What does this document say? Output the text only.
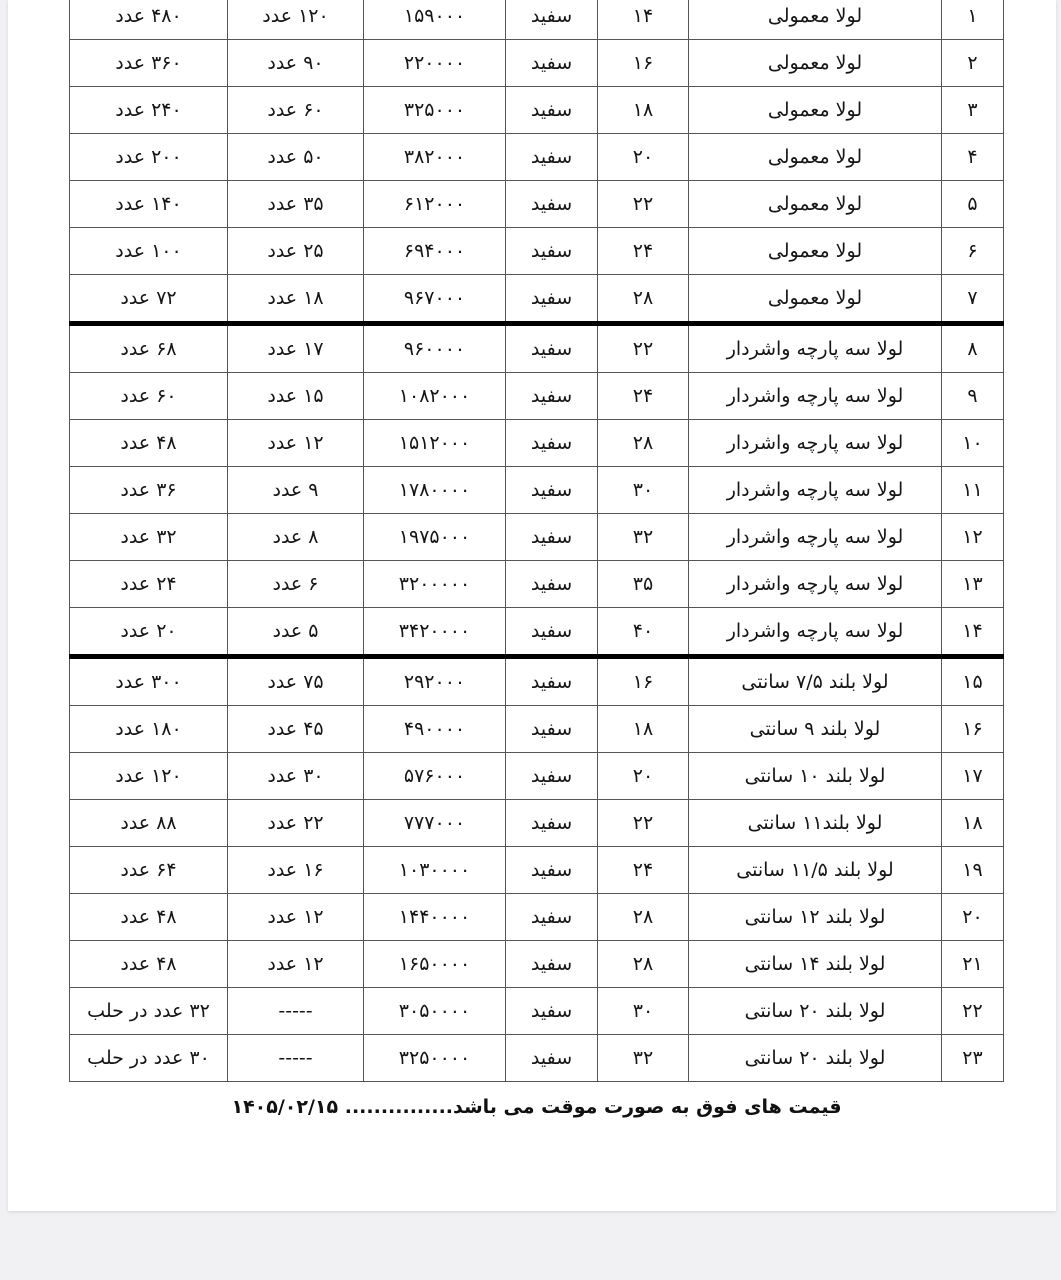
۱	لولا معمولی	۱۴	سفید	۱۵۹۰۰۰	۱۲۰ عدد	۴۸۰ عدد
۲	لولا معمولی	۱۶	سفید	۲۲۰۰۰۰	۹۰ عدد	۳۶۰ عدد
۳	لولا معمولی	۱۸	سفید	۳۲۵۰۰۰	۶۰ عدد	۲۴۰ عدد
۴	لولا معمولی	۲۰	سفید	۳۸۲۰۰۰	۵۰ عدد	۲۰۰ عدد
۵	لولا معمولی	۲۲	سفید	۶۱۲۰۰۰	۳۵ عدد	۱۴۰ عدد
۶	لولا معمولی	۲۴	سفید	۶۹۴۰۰۰	۲۵ عدد	۱۰۰ عدد
۷	لولا معمولی	۲۸	سفید	۹۶۷۰۰۰	۱۸ عدد	۷۲ عدد
۸	لولا سه پارچه واشردار	۲۲	سفید	۹۶۰۰۰۰	۱۷ عدد	۶۸ عدد
۹	لولا سه پارچه واشردار	۲۴	سفید	۱۰۸۲۰۰۰	۱۵ عدد	۶۰ عدد
۱۰	لولا سه پارچه واشردار	۲۸	سفید	۱۵۱۲۰۰۰	۱۲ عدد	۴۸ عدد
۱۱	لولا سه پارچه واشردار	۳۰	سفید	۱۷۸۰۰۰۰	۹ عدد	۳۶ عدد
۱۲	لولا سه پارچه واشردار	۳۲	سفید	۱۹۷۵۰۰۰	۸ عدد	۳۲ عدد
۱۳	لولا سه پارچه واشردار	۳۵	سفید	۳۲۰۰۰۰۰	۶ عدد	۲۴ عدد
۱۴	لولا سه پارچه واشردار	۴۰	سفید	۳۴۲۰۰۰۰	۵ عدد	۲۰ عدد
۱۵	لولا بلند ۷/۵ سانتی	۱۶	سفید	۲۹۲۰۰۰	۷۵ عدد	۳۰۰ عدد
۱۶	لولا بلند ۹ سانتی	۱۸	سفید	۴۹۰۰۰۰	۴۵ عدد	۱۸۰ عدد
۱۷	لولا بلند ۱۰ سانتی	۲۰	سفید	۵۷۶۰۰۰	۳۰ عدد	۱۲۰ عدد
۱۸	لولا بلند۱۱ سانتی	۲۲	سفید	۷۷۷۰۰۰	۲۲ عدد	۸۸ عدد
۱۹	لولا بلند ۱۱/۵ سانتی	۲۴	سفید	۱۰۳۰۰۰۰	۱۶ عدد	۶۴ عدد
۲۰	لولا بلند ۱۲ سانتی	۲۸	سفید	۱۴۴۰۰۰۰	۱۲ عدد	۴۸ عدد
۲۱	لولا بلند ۱۴ سانتی	۲۸	سفید	۱۶۵۰۰۰۰	۱۲ عدد	۴۸ عدد
۲۲	لولا بلند ۲۰ سانتی	۳۰	سفید	۳۰۵۰۰۰۰	-----	۳۲ عدد در حلب
۲۳	لولا بلند ۲۰ سانتی	۳۲	سفید	۳۲۵۰۰۰۰	-----	۳۰ عدد در حلب
قیمت های فوق به صورت موقت می باشد............... ۱۴۰۵/۰۲/۱۵
